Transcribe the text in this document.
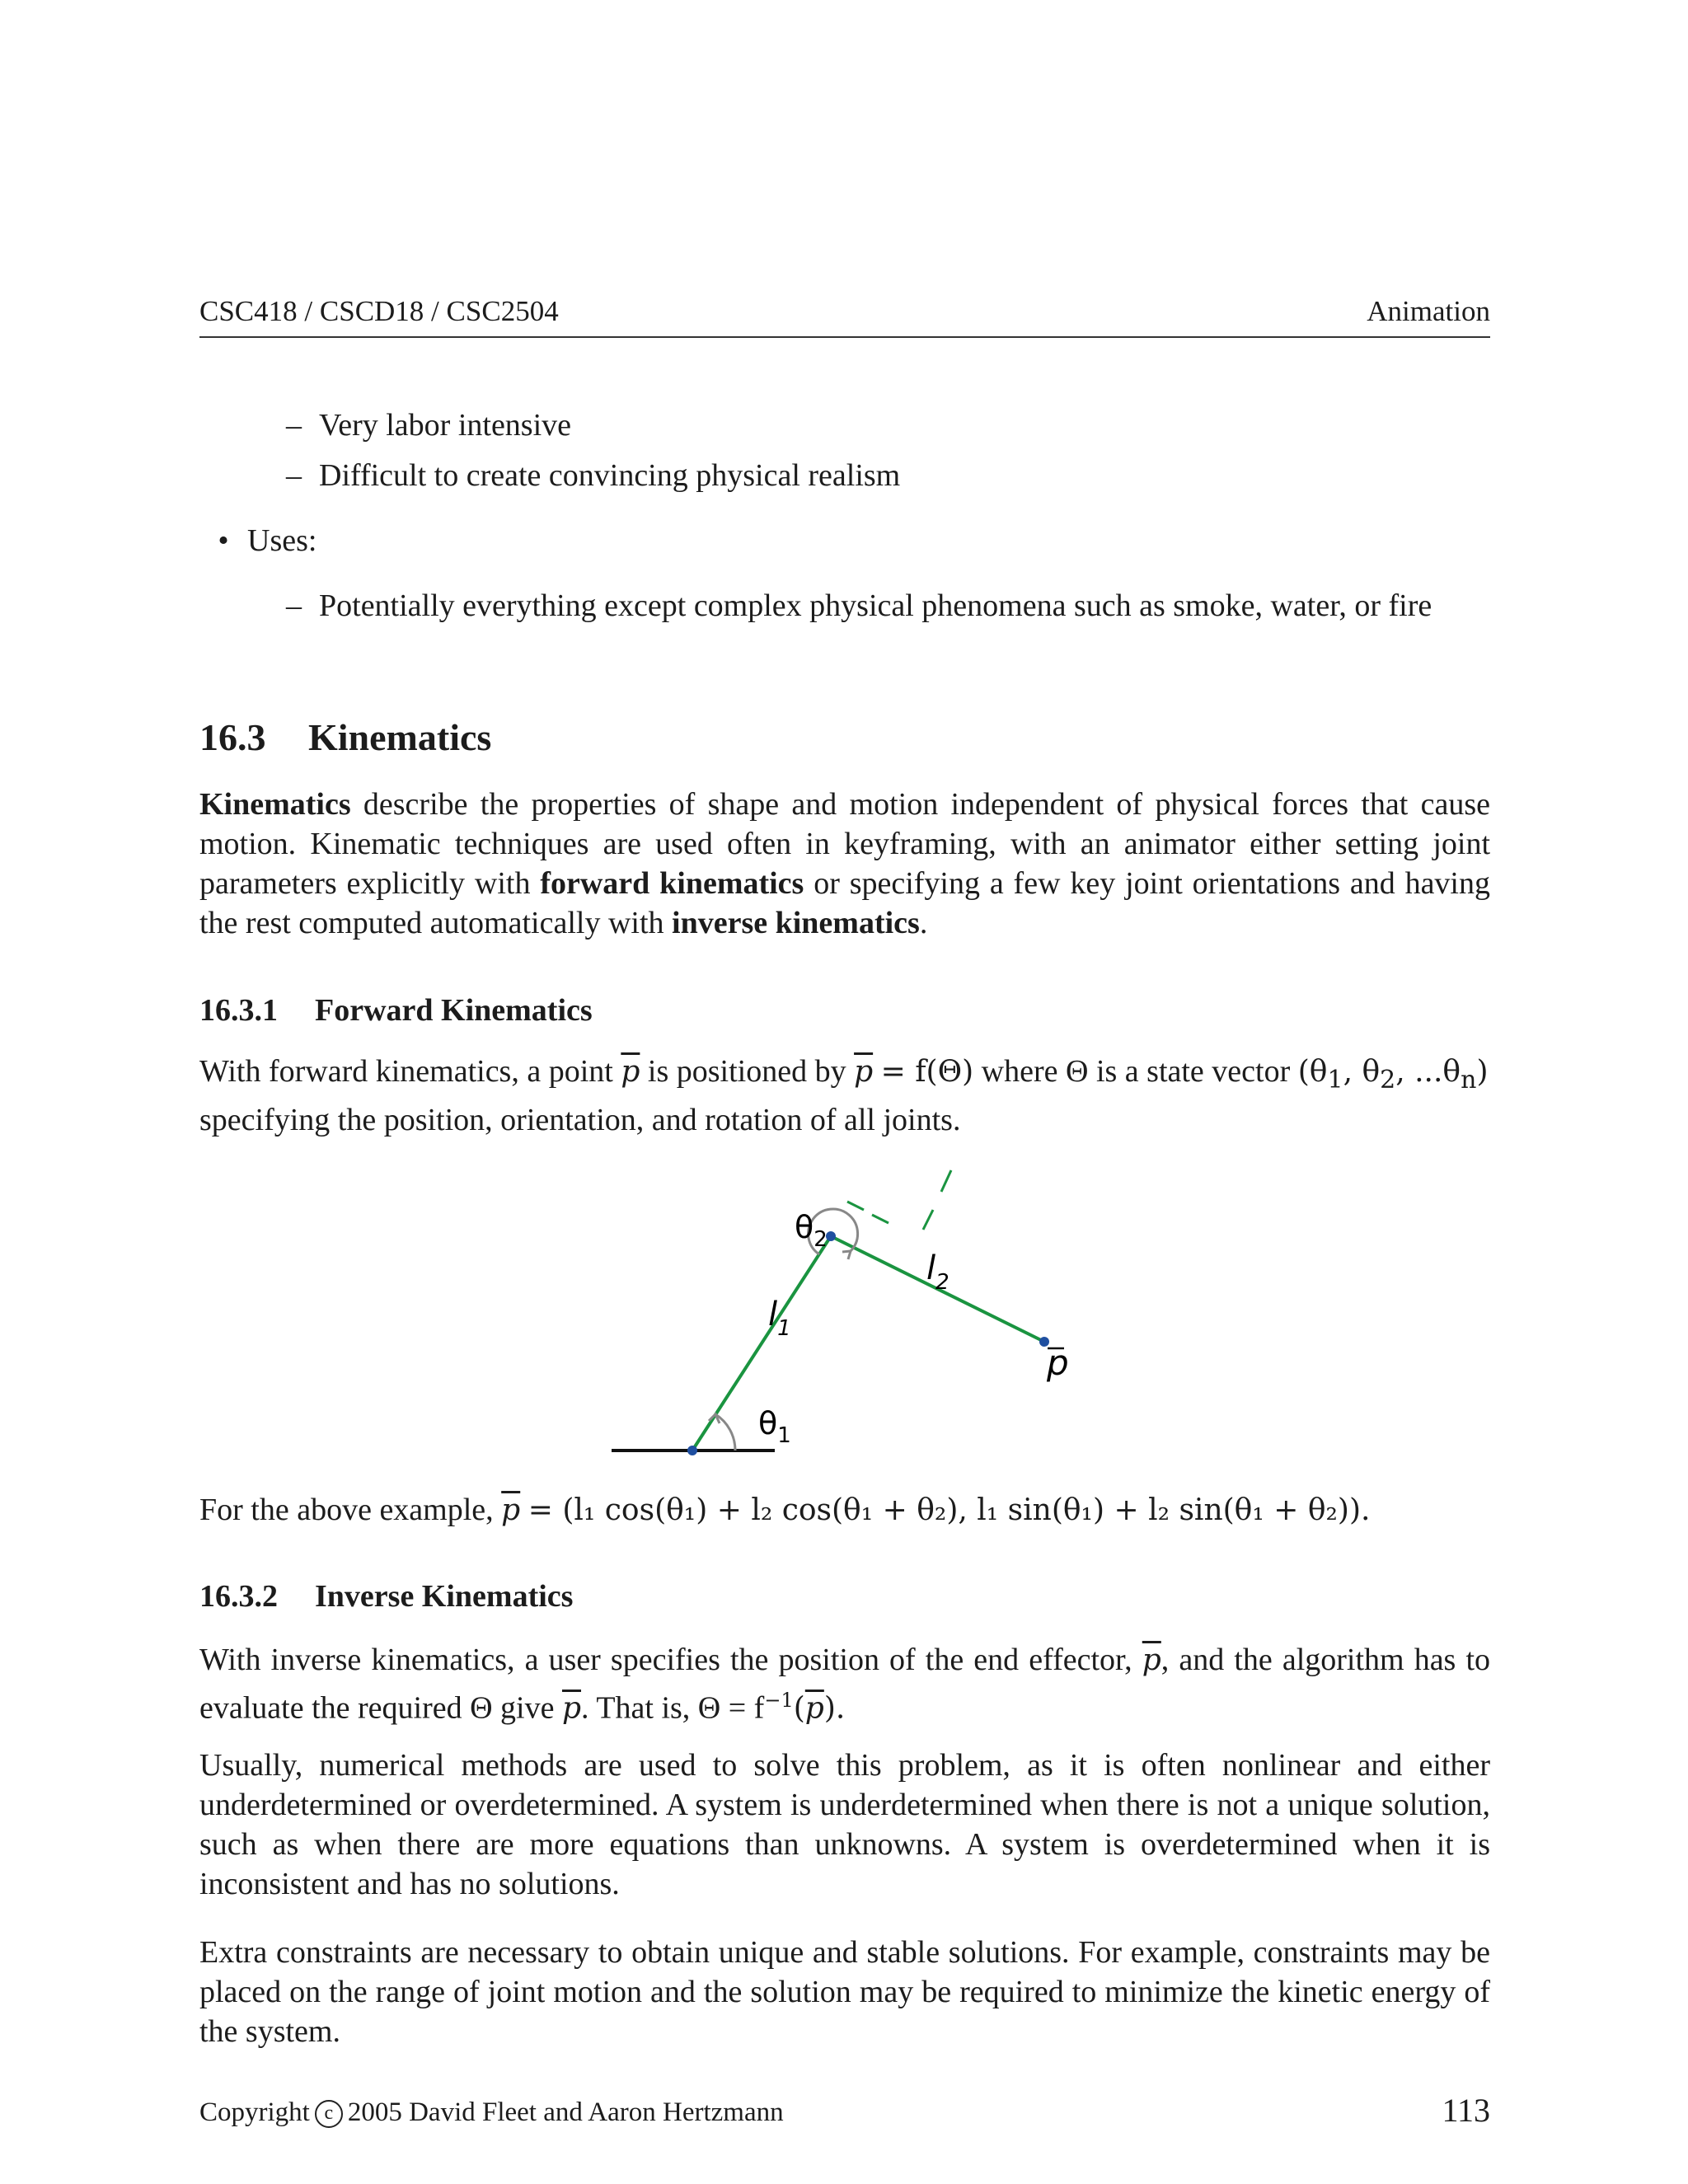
CSC418 / CSCD18 / CSC2504	Animation
– Very labor intensive
– Difficult to create convincing physical realism
• Uses:
– Potentially everything except complex physical phenomena such as smoke, water, or fire
16.3 Kinematics

Kinematics describe the properties of shape and motion independent of physical forces that cause motion. Kinematic techniques are used often in keyframing, with an animator either setting joint parameters explicitly with forward kinematics or specifying a few key joint orientations and having the rest computed automatically with inverse kinematics.

16.3.1 Forward Kinematics

With forward kinematics, a point $\overline{p}$ is positioned by $\overline{p} = f(\Theta)$ where Θ is a state vector ($\theta_1$, $\theta_2$, $...\theta_n$)
specifying the position, orientation, and rotation of all joints.

$\theta_1$
$\theta_2$
$l_2$
$l_1$
p

For the above example, $\overline{p} = (l_1$ cos(θ₁) + l₂ cos(θ₁ + θ₂), l₁ sin(θ₁) + l₂ sin(θ₁ + θ₂)).

16.3.2 Inverse Kinematics

With inverse kinematics, a user specifies the position of the end effector, $\overline{p}$, and the algorithm has to evaluate the required Θ give $\overline{p}$. That is, $\Theta = f^{-1}(\overline{p})$.

Usually, numerical methods are used to solve this problem, as it is often nonlinear and either underdetermined or overdetermined. A system is underdetermined when there is not a unique solution, such as when there are more equations than unknowns. A system is overdetermined when it is inconsistent and has no solutions.

Extra constraints are necessary to obtain unique and stable solutions. For example, constraints may be placed on the range of joint motion and the solution may be required to minimize the kinetic energy of the system.

Copyright c 2005 David Fleet and Aaron Hertzmann	113
